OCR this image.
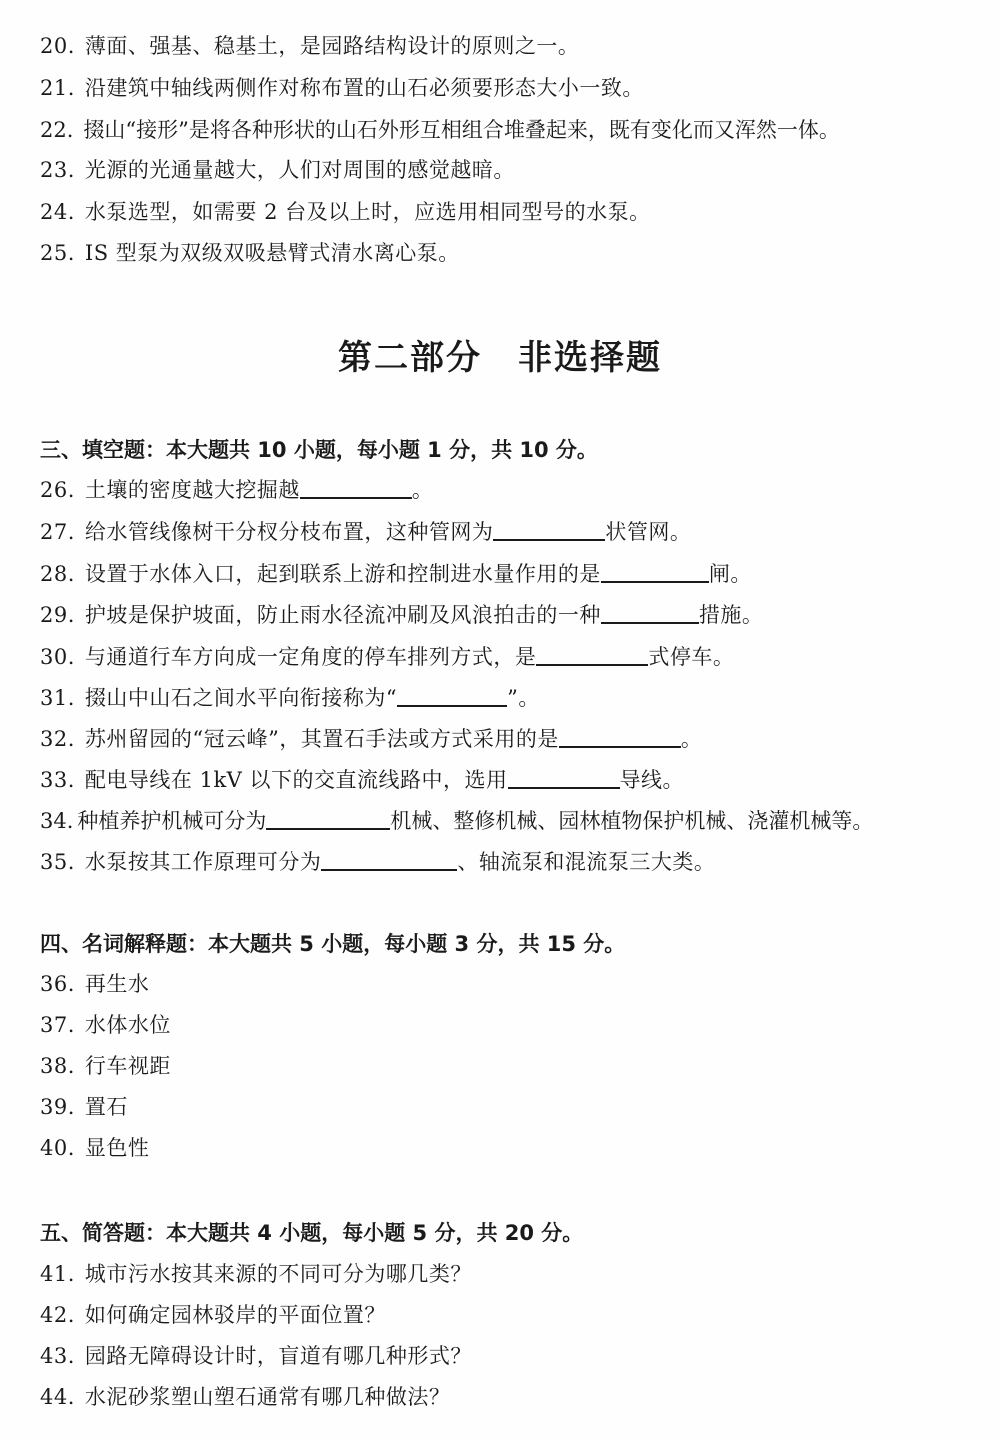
20. 薄面、强基、稳基土，是园路结构设计的原则之一。
21. 沿建筑中轴线两侧作对称布置的山石必须要形态大小一致。
22. 掇山“接形”是将各种形状的山石外形互相组合堆叠起来，既有变化而又浑然一体。
23. 光源的光通量越大，人们对周围的感觉越暗。
24. 水泵选型，如需要 2 台及以上时，应选用相同型号的水泵。
25. IS 型泵为双级双吸悬臂式清水离心泵。
第二部分　非选择题
三、填空题：本大题共 10 小题，每小题 1 分，共 10 分。
26. 土壤的密度越大挖掘越	。
27. 给水管线像树干分杈分枝布置，这种管网为	状管网。
28. 设置于水体入口，起到联系上游和控制进水量作用的是	闸。
29. 护坡是保护坡面，防止雨水径流冲刷及风浪拍击的一种	措施。
30. 与通道行车方向成一定角度的停车排列方式，是	式停车。
31. 掇山中山石之间水平向衔接称为“	”。
32. 苏州留园的“冠云峰”，其置石手法或方式采用的是	。
33. 配电导线在 1kV 以下的交直流线路中，选用	导线。
34. 种植养护机械可分为	机械、整修机械、园林植物保护机械、浇灌机械等。
35. 水泵按其工作原理可分为	、轴流泵和混流泵三大类。
四、名词解释题：本大题共 5 小题，每小题 3 分，共 15 分。
36. 再生水
37. 水体水位
38. 行车视距
39. 置石
40. 显色性
五、简答题：本大题共 4 小题，每小题 5 分，共 20 分。
41. 城市污水按其来源的不同可分为哪几类？
42. 如何确定园林驳岸的平面位置？
43. 园路无障碍设计时，盲道有哪几种形式？
44. 水泥砂浆塑山塑石通常有哪几种做法？
